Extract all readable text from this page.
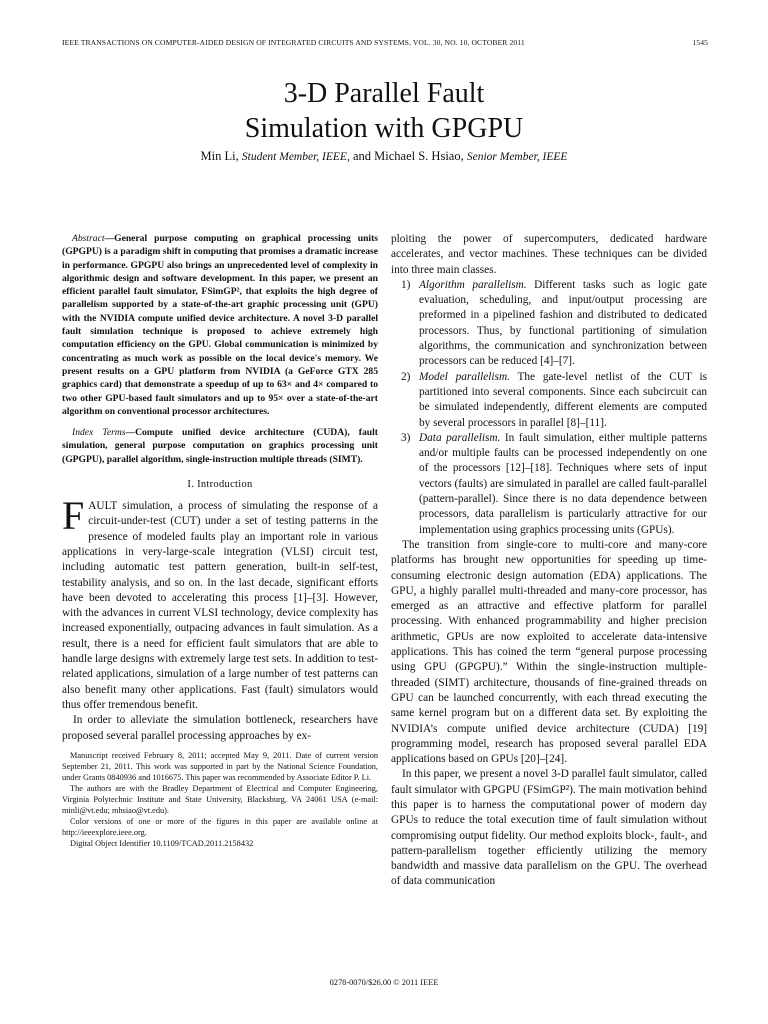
IEEE TRANSACTIONS ON COMPUTER-AIDED DESIGN OF INTEGRATED CIRCUITS AND SYSTEMS, VOL. 30, NO. 10, OCTOBER 2011	1545
3-D Parallel Fault
Simulation with GPGPU
Min Li, Student Member, IEEE, and Michael S. Hsiao, Senior Member, IEEE

Abstract—General purpose computing on graphical processing units (GPGPU) is a paradigm shift in computing that promises a dramatic increase in performance. GPGPU also brings an unprecedented level of complexity in algorithmic design and software development. In this paper, we present an efficient parallel fault simulator, FSimGP², that exploits the high degree of parallelism supported by a state-of-the-art graphic processing unit (GPU) with the NVIDIA compute unified device architecture. A novel 3-D parallel fault simulation technique is proposed to achieve extremely high computation efficiency on the GPU. Global communication is minimized by concentrating as much work as possible on the local device's memory. We present results on a GPU platform from NVIDIA (a GeForce GTX 285 graphics card) that demonstrate a speedup of up to 63× and 4× compared to two other GPU-based fault simulators and up to 95× over a state-of-the-art algorithm on conventional processor architectures.

Index Terms—Compute unified device architecture (CUDA), fault simulation, general purpose computation on graphics processing unit (GPGPU), parallel algorithm, single-instruction multiple threads (SIMT).

I. Introduction

FAULT simulation, a process of simulating the response of a circuit-under-test (CUT) under a set of testing patterns in the presence of modeled faults play an important role in various applications in very-large-scale integration (VLSI) circuit test, including automatic test pattern generation, built-in self-test, testability analysis, and so on. In the last decade, significant efforts have been devoted to accelerating this process [1]–[3]. However, with the advances in current VLSI technology, device complexity has increased exponentially, outpacing advances in fault simulation. As a result, there is a need for efficient fault simulators that are able to handle large designs with extremely large test sets. In addition to test-related applications, simulation of a large number of test patterns can also benefit many other applications. Fast (fault) simulators would thus offer tremendous benefit.

In order to alleviate the simulation bottleneck, researchers have proposed several parallel processing approaches by ex-

Manuscript received February 8, 2011; accepted May 9, 2011. Date of current version September 21, 2011. This work was supported in part by the National Science Foundation, under Grants 0840936 and 1016675. This paper was recommended by Associate Editor P. Li.

The authors are with the Bradley Department of Electrical and Computer Engineering, Virginia Polytechnic Institute and State University, Blacksburg, VA 24061 USA (e-mail: minli@vt.edu; mhsiao@vt.edu).

Color versions of one or more of the figures in this paper are available online at http://ieeexplore.ieee.org.

Digital Object Identifier 10.1109/TCAD.2011.2158432

ploiting the power of supercomputers, dedicated hardware accelerates, and vector machines. These techniques can be divided into three main classes.

1) Algorithm parallelism. Different tasks such as logic gate evaluation, scheduling, and input/output processing are preformed in a pipelined fashion and distributed to dedicated processors. Thus, by functional partitioning of simulation algorithms, the communication and synchronization between processors can be reduced [4]–[7].
2) Model parallelism. The gate-level netlist of the CUT is partitioned into several components. Since each subcircuit can be simulated independently, different elements are computed by several processors in parallel [8]–[11].
3) Data parallelism. In fault simulation, either multiple patterns and/or multiple faults can be processed independently on one of the processors [12]–[18]. Techniques where sets of input vectors (faults) are simulated in parallel are called fault-parallel (pattern-parallel). Since there is no data dependence between processors, data parallelism is particularly attractive for our implementation using graphics processing units (GPUs).

The transition from single-core to multi-core and many-core platforms has brought new opportunities for speeding up time-consuming electronic design automation (EDA) applications. The GPU, a highly parallel multi-threaded and many-core processor, has emerged as an attractive and effective platform for parallel processing. With enhanced programmability and higher precision arithmetic, GPUs are now exploited to accelerate data-intensive applications. This has coined the term “general purpose processing using GPU (GPGPU).” Within the single-instruction multiple-threaded (SIMT) architecture, thousands of fine-grained threads on GPU can be launched concurrently, with each thread executing the same kernel program but on a different data set. By exploiting the NVIDIA’s compute unified device architecture (CUDA) [19] programming model, research has proposed several parallel EDA applications based on GPUs [20]–[24].

In this paper, we present a novel 3-D parallel fault simulator, called fault simulator with GPGPU (FSimGP²). The main motivation behind this paper is to harness the computational power of modern day GPUs to reduce the total execution time of fault simulation without compromising output fidelity. Our method exploits block-, fault-, and pattern-parallelism together efficiently utilizing the memory bandwidth and massive data parallelism on the GPU. The overhead of data communication

0278-0070/$26.00 © 2011 IEEE
